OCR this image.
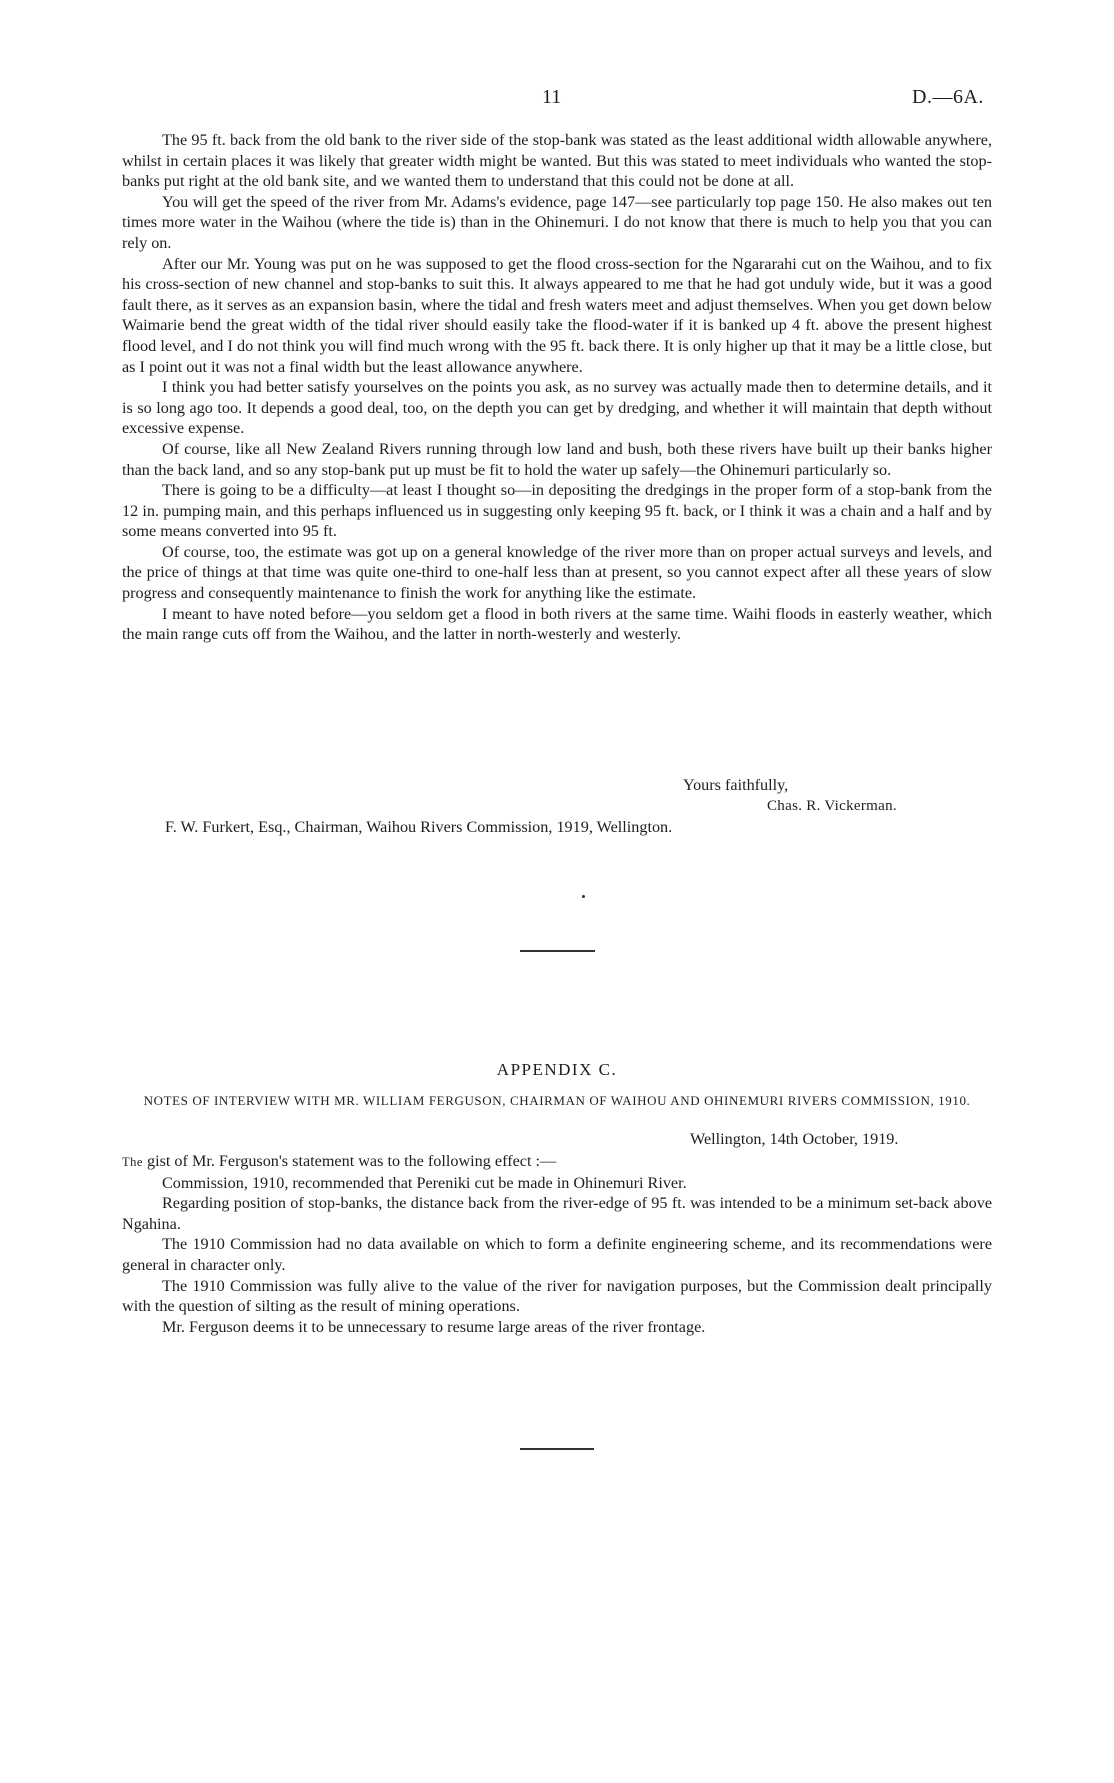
11	D.—6A.

The 95 ft. back from the old bank to the river side of the stop-bank was stated as the least additional width allowable anywhere, whilst in certain places it was likely that greater width might be wanted. But this was stated to meet individuals who wanted the stop-banks put right at the old bank site, and we wanted them to understand that this could not be done at all.

You will get the speed of the river from Mr. Adams's evidence, page 147—see particularly top page 150. He also makes out ten times more water in the Waihou (where the tide is) than in the Ohinemuri. I do not know that there is much to help you that you can rely on.

After our Mr. Young was put on he was supposed to get the flood cross-section for the Ngararahi cut on the Waihou, and to fix his cross-section of new channel and stop-banks to suit this. It always appeared to me that he had got unduly wide, but it was a good fault there, as it serves as an expansion basin, where the tidal and fresh waters meet and adjust themselves. When you get down below Waimarie bend the great width of the tidal river should easily take the flood-water if it is banked up 4 ft. above the present highest flood level, and I do not think you will find much wrong with the 95 ft. back there. It is only higher up that it may be a little close, but as I point out it was not a final width but the least allowance anywhere.

I think you had better satisfy yourselves on the points you ask, as no survey was actually made then to determine details, and it is so long ago too. It depends a good deal, too, on the depth you can get by dredging, and whether it will maintain that depth without excessive expense.

Of course, like all New Zealand Rivers running through low land and bush, both these rivers have built up their banks higher than the back land, and so any stop-bank put up must be fit to hold the water up safely—the Ohinemuri particularly so.

There is going to be a difficulty—at least I thought so—in depositing the dredgings in the proper form of a stop-bank from the 12 in. pumping main, and this perhaps influenced us in suggesting only keeping 95 ft. back, or I think it was a chain and a half and by some means converted into 95 ft.

Of course, too, the estimate was got up on a general knowledge of the river more than on proper actual surveys and levels, and the price of things at that time was quite one-third to one-half less than at present, so you cannot expect after all these years of slow progress and consequently maintenance to finish the work for anything like the estimate.

I meant to have noted before—you seldom get a flood in both rivers at the same time. Waihi floods in easterly weather, which the main range cuts off from the Waihou, and the latter in north-westerly and westerly.

Yours faithfully,
Chas. R. Vickerman.
F. W. Furkert, Esq., Chairman, Waihou Rivers Commission, 1919, Wellington.
APPENDIX C.
NOTES OF INTERVIEW WITH MR. WILLIAM FERGUSON, CHAIRMAN OF WAIHOU AND OHINEMURI RIVERS COMMISSION, 1910.
Wellington, 14th October, 1919.

The gist of Mr. Ferguson's statement was to the following effect :—

Commission, 1910, recommended that Pereniki cut be made in Ohinemuri River.

Regarding position of stop-banks, the distance back from the river-edge of 95 ft. was intended to be a minimum set-back above Ngahina.

The 1910 Commission had no data available on which to form a definite engineering scheme, and its recommendations were general in character only.

The 1910 Commission was fully alive to the value of the river for navigation purposes, but the Commission dealt principally with the question of silting as the result of mining operations.

Mr. Ferguson deems it to be unnecessary to resume large areas of the river frontage.
